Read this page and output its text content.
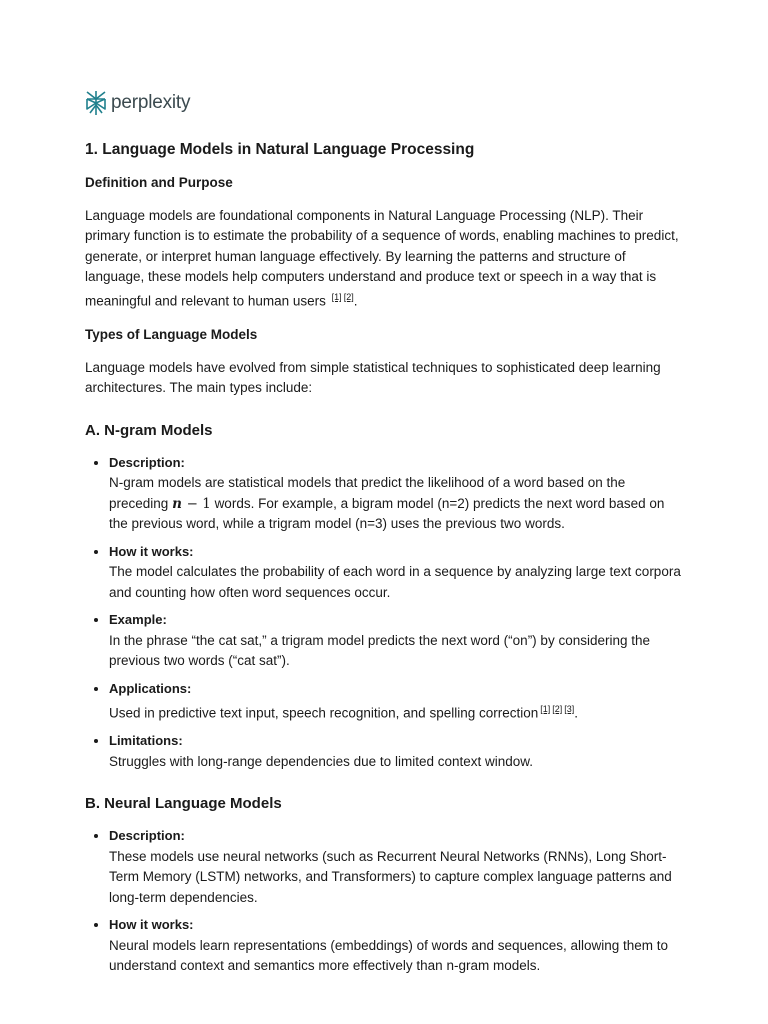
perplexity
1. Language Models in Natural Language Processing
Definition and Purpose

Language models are foundational components in Natural Language Processing (NLP). Their primary function is to estimate the probability of a sequence of words, enabling machines to predict, generate, or interpret human language effectively. By learning the patterns and structure of language, these models help computers understand and produce text or speech in a way that is meaningful and relevant to human users [1] [2].

Types of Language Models

Language models have evolved from simple statistical techniques to sophisticated deep learning architectures. The main types include:

A. N-gram Models
• Description:
N-gram models are statistical models that predict the likelihood of a word based on the preceding n − 1 words. For example, a bigram model (n=2) predicts the next word based on the previous word, while a trigram model (n=3) uses the previous two words.
• How it works:
The model calculates the probability of each word in a sequence by analyzing large text corpora and counting how often word sequences occur.
• Example:
In the phrase “the cat sat,” a trigram model predicts the next word (“on”) by considering the previous two words (“cat sat”).
• Applications:
Used in predictive text input, speech recognition, and spelling correction [1] [2] [3].
• Limitations:
Struggles with long-range dependencies due to limited context window.
B. Neural Language Models
• Description:
These models use neural networks (such as Recurrent Neural Networks (RNNs), Long Short-Term Memory (LSTM) networks, and Transformers) to capture complex language patterns and long-term dependencies.
• How it works:
Neural models learn representations (embeddings) of words and sequences, allowing them to understand context and semantics more effectively than n-gram models.
